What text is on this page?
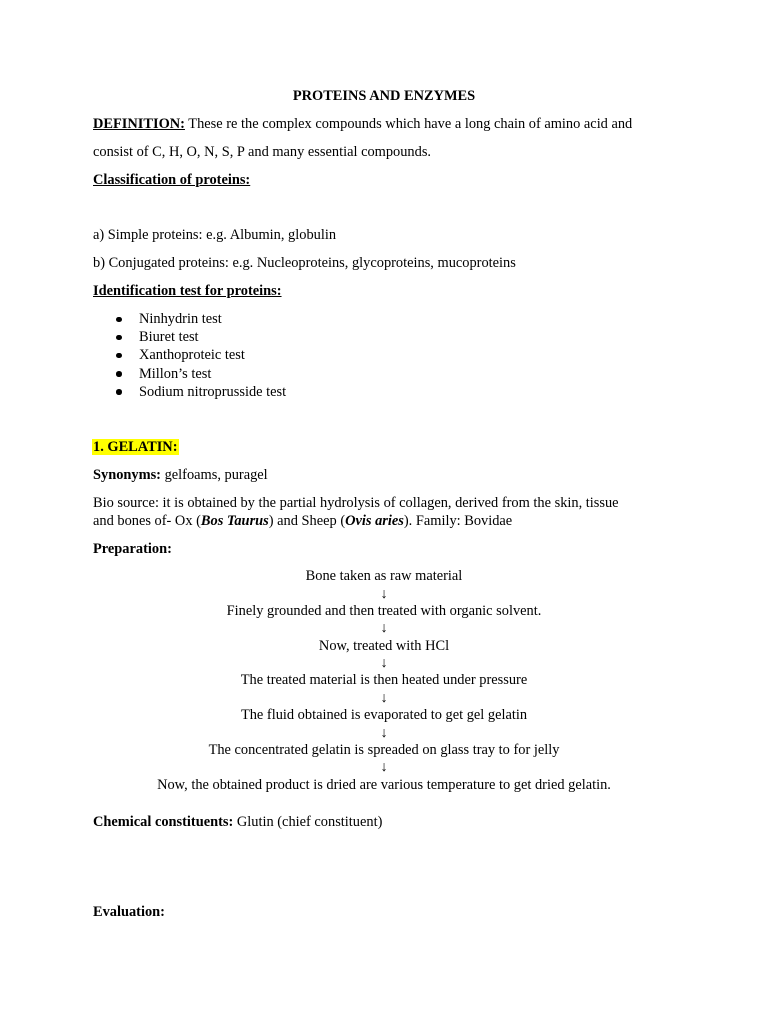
PROTEINS AND ENZYMES
DEFINITION: These re the complex compounds which have a long chain of amino acid and
consist of C, H, O, N, S, P and many essential compounds.
Classification of proteins:
a) Simple proteins: e.g. Albumin, globulin
b) Conjugated proteins: e.g. Nucleoproteins, glycoproteins, mucoproteins
Identification test for proteins:
Ninhydrin test
Biuret test
Xanthoproteic test
Millon’s test
Sodium nitroprusside test
1. GELATIN:
Synonyms: gelfoams, puragel
Bio source: it is obtained by the partial hydrolysis of collagen, derived from the skin, tissue
and bones of- Ox (Bos Taurus) and Sheep (Ovis aries). Family: Bovidae
Preparation:
Bone taken as raw material
↓
Finely grounded and then treated with organic solvent.
↓
Now, treated with HCl
↓
The treated material is then heated under pressure
↓
The fluid obtained is evaporated to get gel gelatin
↓
The concentrated gelatin is spreaded on glass tray to for jelly
↓
Now, the obtained product is dried are various temperature to get dried gelatin.
Chemical constituents: Glutin (chief constituent)
Evaluation:
